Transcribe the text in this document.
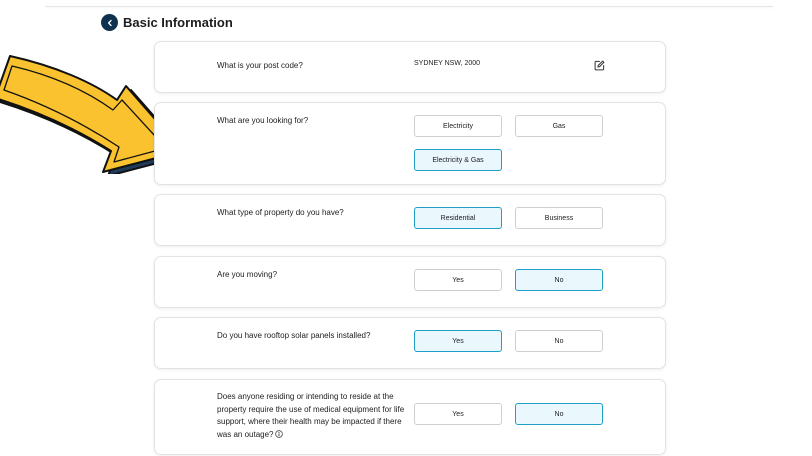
Basic Information
What is your post code?	SYDNEY NSW, 2000
What are you looking for?
Electricity	Gas
Electricity & Gas
What type of property do you have?
Residential	Business
Are you moving?
Yes	No
Do you have rooftop solar panels installed?
Yes	No
Does anyone residing or intending to reside at the property require the use of medical equipment for life support, where their health may be impacted if there was an outage?
Yes	No
